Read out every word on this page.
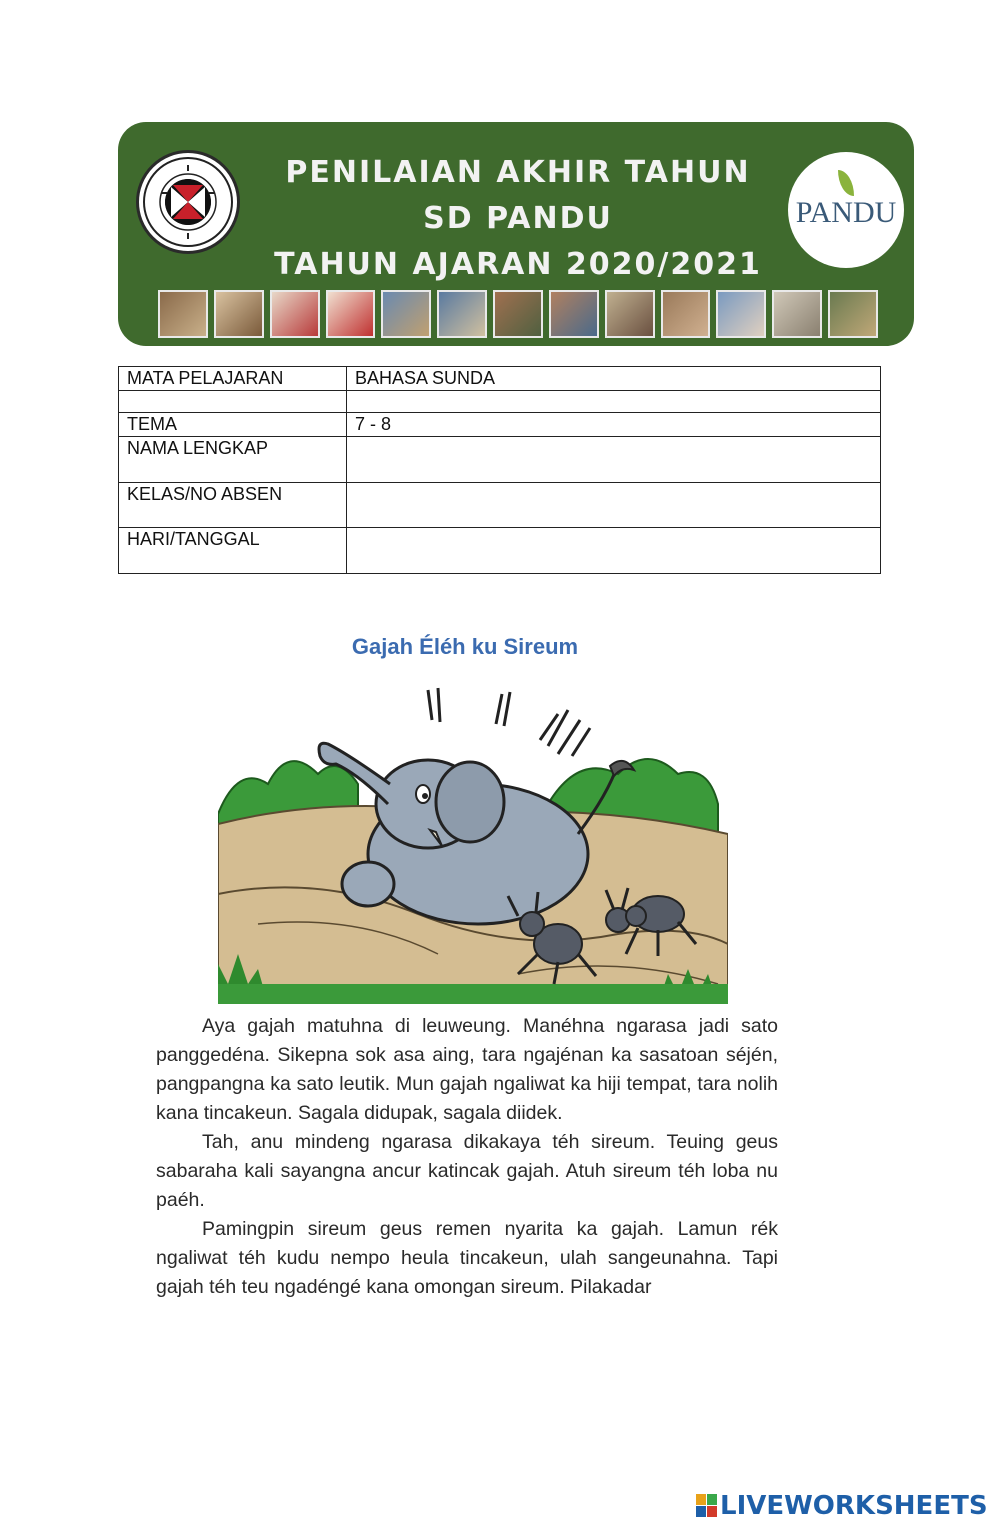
PENILAIAN AKHIR TAHUN
SD PANDU
TAHUN AJARAN 2020/2021
PANDU
MATA PELAJARAN	BAHASA SUNDA

TEMA	7 - 8
NAMA LENGKAP	
KELAS/NO ABSEN	
HARI/TANGGAL	
Gajah Éléh ku Sireum

Aya gajah matuhna di leuweung. Manéhna ngarasa jadi sato panggedéna. Sikepna sok asa aing, tara ngajénan ka sasatoan séjén, pangpangna ka sato leutik. Mun gajah ngaliwat ka hiji tempat, tara nolih kana tincakeun. Sagala didupak, sagala diidek.

Tah, anu mindeng ngarasa dikakaya téh sireum. Teuing geus sabaraha kali sayangna ancur katincak gajah. Atuh sireum téh loba nu paéh.

Pamingpin sireum geus remen nyarita ka gajah. Lamun rék ngaliwat téh kudu nempo heula tincakeun, ulah sangeunahna. Tapi gajah téh teu ngadéngé kana omongan sireum. Pilakadar

LIVEWORKSHEETS
